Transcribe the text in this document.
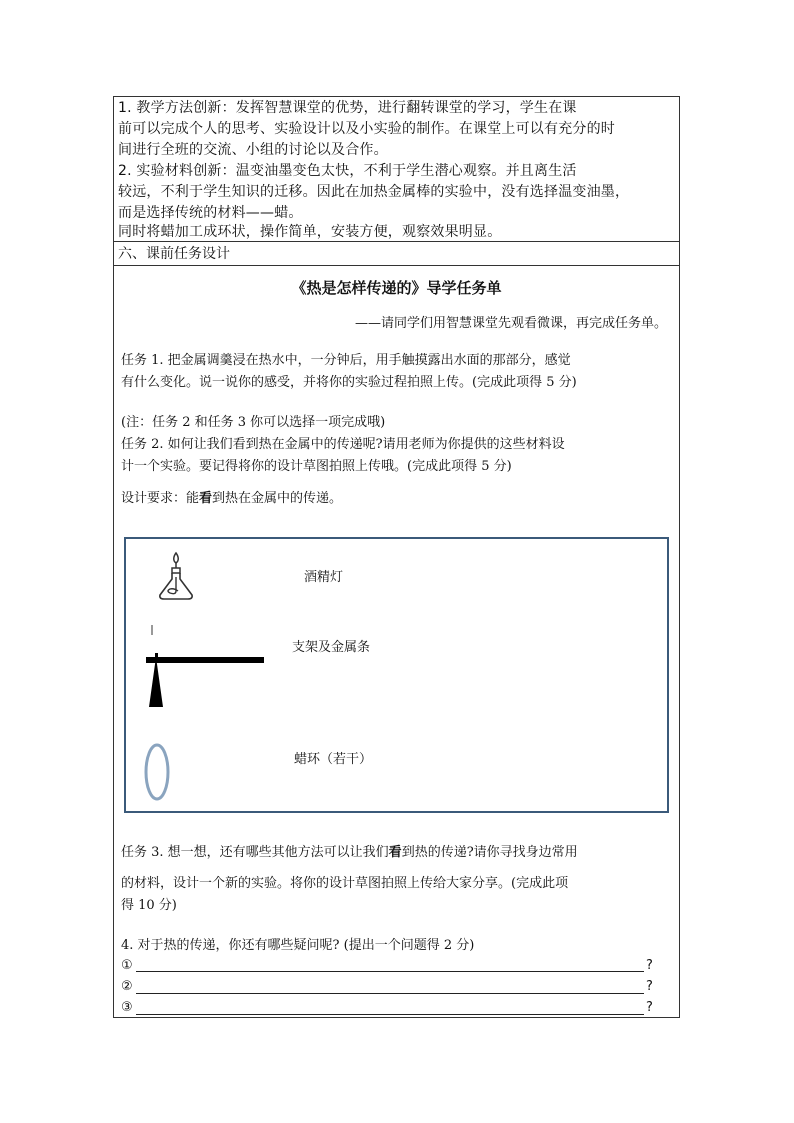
1. 教学方法创新：发挥智慧课堂的优势，进行翻转课堂的学习，学生在课
前可以完成个人的思考、实验设计以及小实验的制作。在课堂上可以有充分的时
间进行全班的交流、小组的讨论以及合作。
2. 实验材料创新：温变油墨变色太快，不利于学生潜心观察。并且离生活
较远，不利于学生知识的迁移。因此在加热金属棒的实验中，没有选择温变油墨，
而是选择传统的材料——蜡。
同时将蜡加工成环状，操作简单，安装方便，观察效果明显。
六、课前任务设计
《热是怎样传递的》导学任务单
——请同学们用智慧课堂先观看微课，再完成任务单。
任务 1. 把金属调羹浸在热水中，一分钟后，用手触摸露出水面的那部分，感觉
有什么变化。说一说你的感受，并将你的实验过程拍照上传。(完成此项得 5 分)
(注：任务 2 和任务 3 你可以选择一项完成哦)
任务 2. 如何让我们看到热在金属中的传递呢?请用老师为你提供的这些材料设
计一个实验。要记得将你的设计草图拍照上传哦。(完成此项得 5 分)
设计要求：能看到热在金属中的传递。
酒精灯
支架及金属条
蜡环（若干）
任务 3. 想一想，还有哪些其他方法可以让我们看到热的传递?请你寻找身边常用
的材料，设计一个新的实验。将你的设计草图拍照上传给大家分享。(完成此项
得 10 分)
4. 对于热的传递，你还有哪些疑问呢? (提出一个问题得 2 分)
①	?
②	?
③	?
